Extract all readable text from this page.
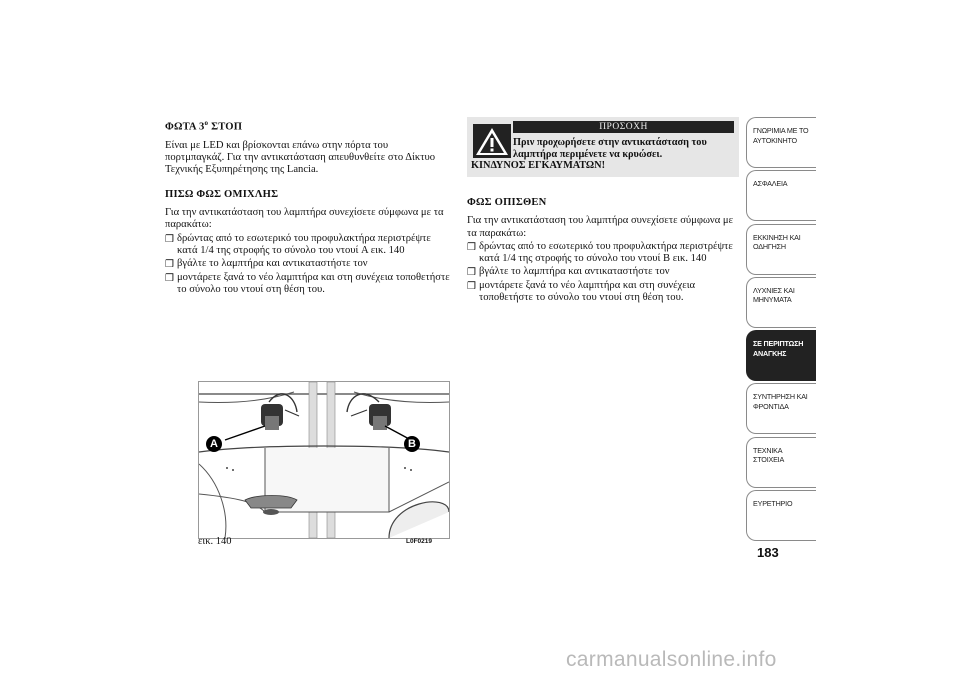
ΦΩΤΑ $3^o$ ΣΤΟΠ

Είναι με LED και βρίσκονται επάνω στην πόρτα του πορτμπαγκάζ. Για την αντικατάσταση απευθυνθείτε στο Δίκτυο Τεχνικής Εξυπηρέτησης της Lancia.

ΠΙΣΩ ΦΩΣ ΟΜΙΧΛΗΣ

Για την αντικατάσταση του λαμπτήρα συνεχίσετε σύμφωνα με τα παρακάτω:

❒ δρώντας από το εσωτερικό του προφυλακτήρα περιστρέψτε κατά 1/4 της στροφής το σύνολο του ντουί A εικ. 140
❒ βγάλτε το λαμπτήρα και αντικαταστήστε τον
❒ μοντάρετε ξανά το νέο λαμπτήρα και στη συνέχεια τοποθετήστε το σύνολο του ντουί στη θέση του.
ΠΡΟΣΟΧΗ
Πριν προχωρήσετε στην αντικατάσταση του λαμπτήρα περιμένετε να κρυώσει.
ΚΙΝΔΥΝΟΣ ΕΓΚΑΥΜΑΤΩΝ!
ΦΩΣ ΟΠΙΣΘΕΝ

Για την αντικατάσταση του λαμπτήρα συνεχίσετε σύμφωνα με τα παρακάτω:

❒ δρώντας από το εσωτερικό του προφυλακτήρα περιστρέψτε κατά 1/4 της στροφής το σύνολο του ντουί B εικ. 140
❒ βγάλτε το λαμπτήρα και αντικαταστήστε τον
❒ μοντάρετε ξανά το νέο λαμπτήρα και στη συνέχεια τοποθετήστε το σύνολο του ντουί στη θέση του.
A	B
εικ. 140	L0F0219
ΓΝΩΡΙΜΙΑ ΜΕ ΤΟ
ΑΥΤΟΚΙΝΗΤΟ
ΑΣΦΑΛΕΙΑ
ΕΚΚΙΝΗΣΗ ΚΑΙ
ΟΔΗΓΗΣΗ
ΛΥΧΝΙΕΣ ΚΑΙ
ΜΗΝΥΜΑΤΑ
ΣΕ ΠΕΡΙΠΤΩΣΗ
ΑΝΑΓΚΗΣ
ΣΥΝΤΗΡΗΣΗ ΚΑΙ
ΦΡΟΝΤΙΔΑ
ΤΕΧΝΙΚΑ ΣΤΟΙΧΕΙΑ
ΕΥΡΕΤΗΡΙΟ
183
carmanualsonline.info
